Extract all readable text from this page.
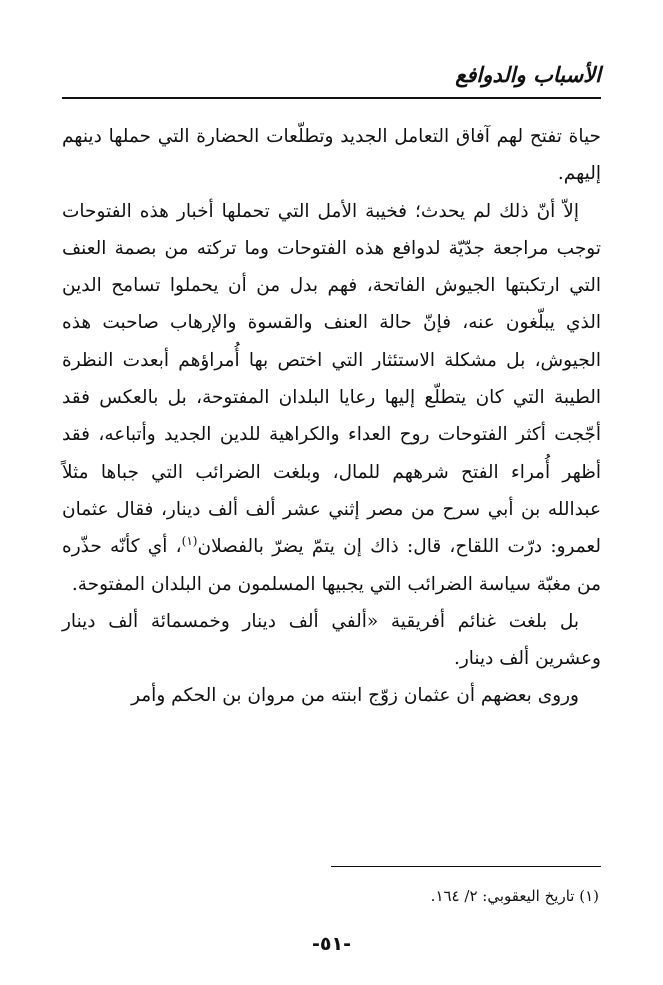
الأسباب والدوافع

حياة تفتح لهم آفاق التعامل الجديد وتطلّعات الحضارة التي حملها دينهم إليهم.

إلاّ أنّ ذلك لم يحدث؛ فخيبة الأمل التي تحملها أخبار هذه الفتوحات توجب مراجعة جدّيّة لدوافع هذه الفتوحات وما تركته من بصمة العنف التي ارتكبتها الجيوش الفاتحة، فهم بدل من أن يحملوا تسامح الدين الذي يبلّغون عنه، فإنّ حالة العنف والقسوة والإرهاب صاحبت هذه الجيوش، بل مشكلة الاستئثار التي اختص بها أُمراؤهم أبعدت النظرة الطيبة التي كان يتطلّع إليها رعايا البلدان المفتوحة، بل بالعكس فقد أجّجت أكثر الفتوحات روح العداء والكراهية للدين الجديد وأتباعه، فقد أظهر أُمراء الفتح شرههم للمال، وبلغت الضرائب التي جباها مثلاً عبدالله بن أبي سرح من مصر إثني عشر ألف ألف دينار، فقال عثمان لعمرو: درّت اللقاح، قال: ذاك إن يتمّ يضرّ بالفصلان$^{(١)}$، أي كأنّه حذّره من مغبّة سياسة الضرائب التي يجبيها المسلمون من البلدان المفتوحة.

بل بلغت غنائم أفريقية «ألفي ألف دينار وخمسمائة ألف دينار وعشرين ألف دينار.

وروى بعضهم أن عثمان زوّج ابنته من مروان بن الحكم وأمر

(١) تاريخ اليعقوبي: ٢/ ١٦٤.
-٥١-
